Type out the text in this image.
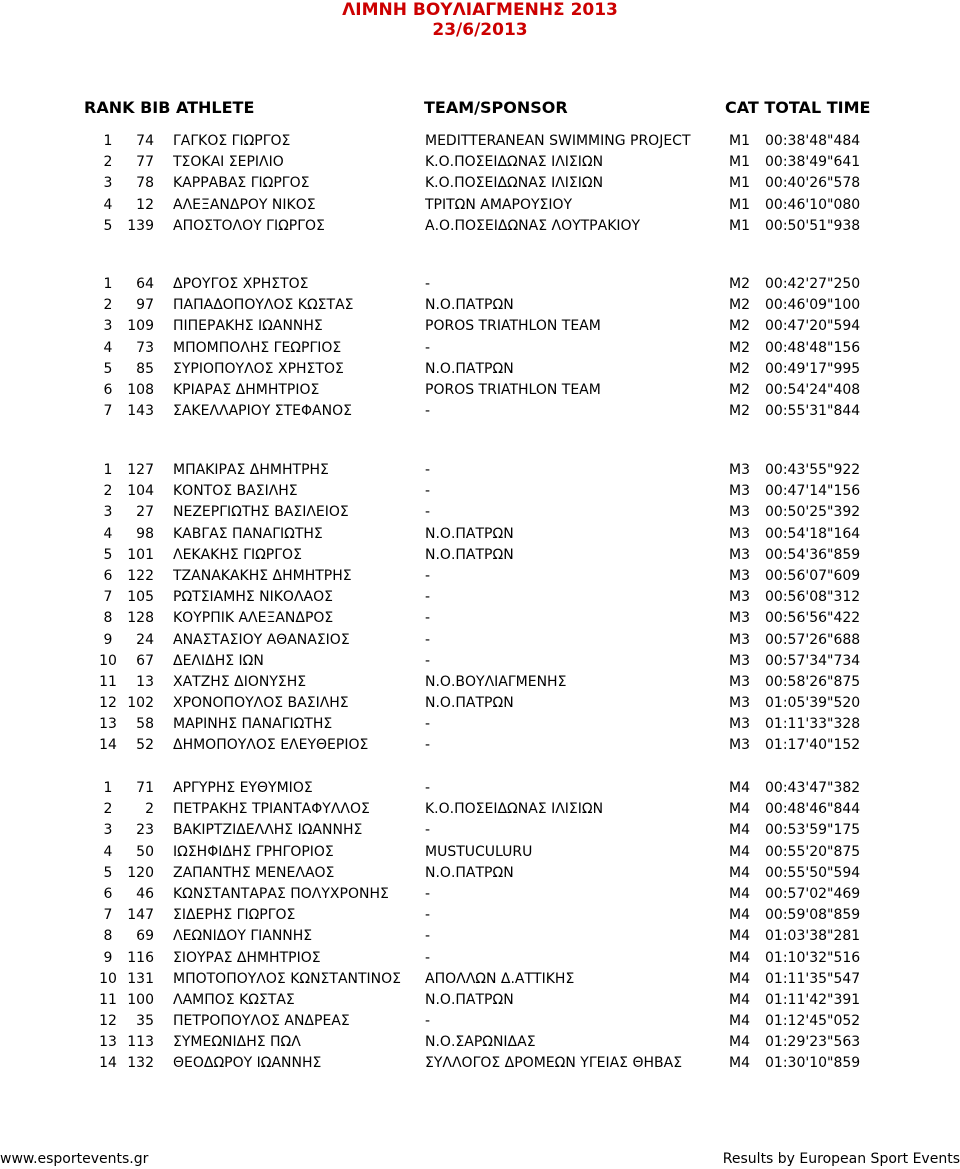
ΛΙΜΝΗ ΒΟΥΛΙΑΓΜΕΝΗΣ 2013
23/6/2013
RANK BIB ATHLETE	TEAM/SPONSOR	CAT TOTAL TIME
1 74 ΓΑΓΚΟΣ ΓΙΩΡΓΟΣ	MEDITTERANEAN SWIMMING PROJECT	M1 00:38'48"484
2 77 ΤΣΟΚΑΙ ΣΕΡΙΛΙΟ	Κ.Ο.ΠΟΣΕΙΔΩΝΑΣ ΙΛΙΣΙΩΝ	M1 00:38'49"641
3 78 ΚΑΡΡΑΒΑΣ ΓΙΩΡΓΟΣ	Κ.Ο.ΠΟΣΕΙΔΩΝΑΣ ΙΛΙΣΙΩΝ	M1 00:40'26"578
4 12 ΑΛΕΞΑΝΔΡΟΥ ΝΙΚΟΣ	ΤΡΙΤΩΝ ΑΜΑΡΟΥΣΙΟΥ	M1 00:46'10"080
5 139 ΑΠΟΣΤΟΛΟΥ ΓΙΩΡΓΟΣ	Α.Ο.ΠΟΣΕΙΔΩΝΑΣ ΛΟΥΤΡΑΚΙΟΥ	M1 00:50'51"938
1 64 ΔΡΟΥΓΟΣ ΧΡΗΣΤΟΣ	-	M2 00:42'27"250
2 97 ΠΑΠΑΔΟΠΟΥΛΟΣ ΚΩΣΤΑΣ	Ν.Ο.ΠΑΤΡΩΝ	M2 00:46'09"100
3 109 ΠΙΠΕΡΑΚΗΣ ΙΩΑΝΝΗΣ	POROS TRIATHLON TEAM	M2 00:47'20"594
4 73 ΜΠΟΜΠΟΛΗΣ ΓΕΩΡΓΙΟΣ	-	M2 00:48'48"156
5 85 ΣΥΡΙΟΠΟΥΛΟΣ ΧΡΗΣΤΟΣ	Ν.Ο.ΠΑΤΡΩΝ	M2 00:49'17"995
6 108 ΚΡΙΑΡΑΣ ΔΗΜΗΤΡΙΟΣ	POROS TRIATHLON TEAM	M2 00:54'24"408
7 143 ΣΑΚΕΛΛΑΡΙΟΥ ΣΤΕΦΑΝΟΣ	-	M2 00:55'31"844
1 127 ΜΠΑΚΙΡΑΣ ΔΗΜΗΤΡΗΣ	-	M3 00:43'55"922
2 104 ΚΟΝΤΟΣ ΒΑΣΙΛΗΣ	-	M3 00:47'14"156
3 27 ΝΕΖΕΡΓΙΩΤΗΣ ΒΑΣΙΛΕΙΟΣ	-	M3 00:50'25"392
4 98 ΚΑΒΓΑΣ ΠΑΝΑΓΙΩΤΗΣ	Ν.Ο.ΠΑΤΡΩΝ	M3 00:54'18"164
5 101 ΛΕΚΑΚΗΣ ΓΙΩΡΓΟΣ	Ν.Ο.ΠΑΤΡΩΝ	M3 00:54'36"859
6 122 ΤΖΑΝΑΚΑΚΗΣ ΔΗΜΗΤΡΗΣ	-	M3 00:56'07"609
7 105 ΡΩΤΣΙΑΜΗΣ ΝΙΚΟΛΑΟΣ	-	M3 00:56'08"312
8 128 ΚΟΥΡΠΙΚ ΑΛΕΞΑΝΔΡΟΣ	-	M3 00:56'56"422
9 24 ΑΝΑΣΤΑΣΙΟΥ ΑΘΑΝΑΣΙΟΣ	-	M3 00:57'26"688
10 67 ΔΕΛΙΔΗΣ ΙΩΝ	-	M3 00:57'34"734
11 13 ΧΑΤΖΗΣ ΔΙΟΝΥΣΗΣ	Ν.Ο.ΒΟΥΛΙΑΓΜΕΝΗΣ	M3 00:58'26"875
12 102 ΧΡΟΝΟΠΟΥΛΟΣ ΒΑΣΙΛΗΣ	Ν.Ο.ΠΑΤΡΩΝ	M3 01:05'39"520
13 58 ΜΑΡΙΝΗΣ ΠΑΝΑΓΙΩΤΗΣ	-	M3 01:11'33"328
14 52 ΔΗΜΟΠΟΥΛΟΣ ΕΛΕΥΘΕΡΙΟΣ	-	M3 01:17'40"152
1 71 ΑΡΓΥΡΗΣ ΕΥΘΥΜΙΟΣ	-	M4 00:43'47"382
2 2 ΠΕΤΡΑΚΗΣ ΤΡΙΑΝΤΑΦΥΛΛΟΣ	Κ.Ο.ΠΟΣΕΙΔΩΝΑΣ ΙΛΙΣΙΩΝ	M4 00:48'46"844
3 23 ΒΑΚΙΡΤΖΙΔΕΛΛΗΣ ΙΩΑΝΝΗΣ	-	M4 00:53'59"175
4 50 ΙΩΣΗΦΙΔΗΣ ΓΡΗΓΟΡΙΟΣ	MUSTUCULURU	M4 00:55'20"875
5 120 ΖΑΠΑΝΤΗΣ ΜΕΝΕΛΑΟΣ	Ν.Ο.ΠΑΤΡΩΝ	M4 00:55'50"594
6 46 ΚΩΝΣΤΑΝΤΑΡΑΣ ΠΟΛΥΧΡΟΝΗΣ	-	M4 00:57'02"469
7 147 ΣΙΔΕΡΗΣ ΓΙΩΡΓΟΣ	-	M4 00:59'08"859
8 69 ΛΕΩΝΙΔΟΥ ΓΙΑΝΝΗΣ	-	M4 01:03'38"281
9 116 ΣΙΟΥΡΑΣ ΔΗΜΗΤΡΙΟΣ	-	M4 01:10'32"516
10 131 ΜΠΟΤΟΠΟΥΛΟΣ ΚΩΝΣΤΑΝΤΙΝΟΣ	ΑΠΟΛΛΩΝ Δ.ΑΤΤΙΚΗΣ	M4 01:11'35"547
11 100 ΛΑΜΠΟΣ ΚΩΣΤΑΣ	Ν.Ο.ΠΑΤΡΩΝ	M4 01:11'42"391
12 35 ΠΕΤΡΟΠΟΥΛΟΣ ΑΝΔΡΕΑΣ	-	M4 01:12'45"052
13 113 ΣΥΜΕΩΝΙΔΗΣ ΠΩΛ	Ν.Ο.ΣΑΡΩΝΙΔΑΣ	M4 01:29'23"563
14 132 ΘΕΟΔΩΡΟΥ ΙΩΑΝΝΗΣ	ΣΥΛΛΟΓΟΣ ΔΡΟΜΕΩΝ ΥΓΕΙΑΣ ΘΗΒΑΣ	M4 01:30'10"859
www.esportevents.gr	Results by European Sport Events
